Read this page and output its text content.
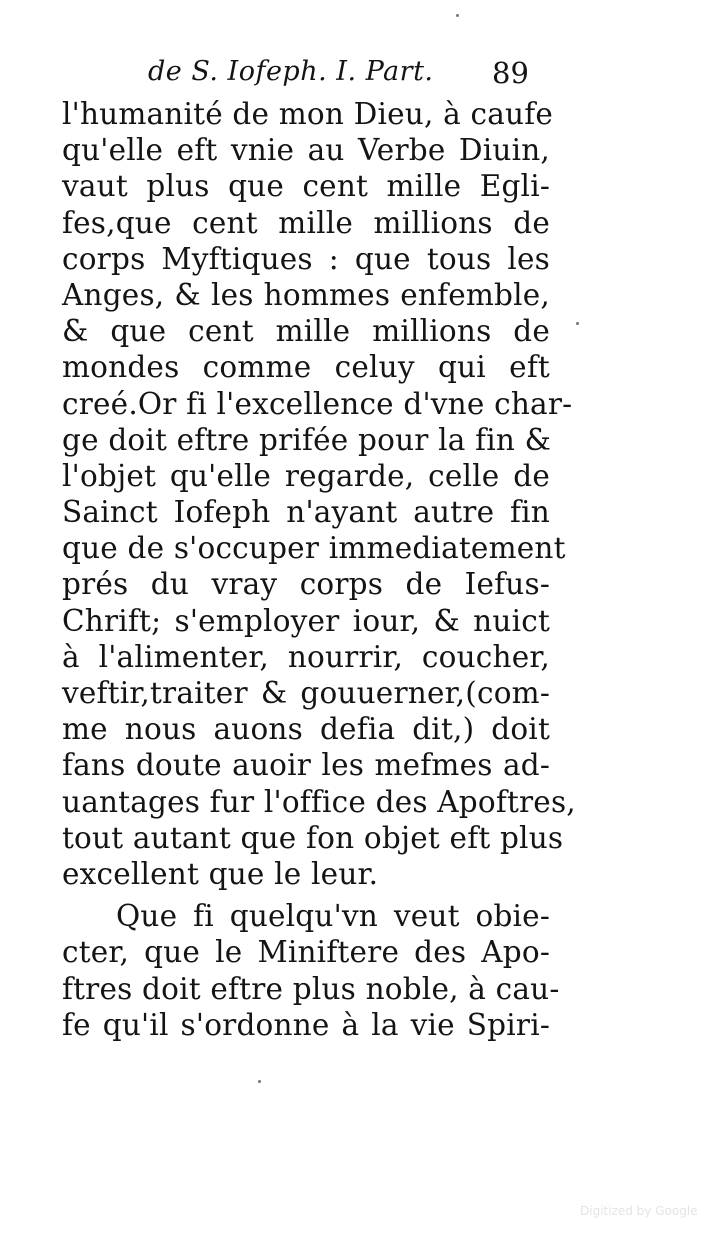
de S. Iofeph. I. Part. 89
l'humanité de mon Dieu, à caufe
qu'elle eft vnie au Verbe Diuin,
vaut plus que cent mille Egli-
fes,que cent mille millions de
corps Myftiques : que tous les
Anges, & les hommes enfemble,
& que cent mille millions de
mondes comme celuy qui eft
creé.Or fi l'excellence d'vne char-
ge doit eftre prifée pour la fin &
l'objet qu'elle regarde, celle de
Sainct Iofeph n'ayant autre fin
que de s'occuper immediatement
prés du vray corps de Iefus-
Chrift; s'employer iour, & nuict
à l'alimenter, nourrir, coucher,
veftir,traiter & gouuerner,(com-
me nous auons defia dit,) doit
fans doute auoir les mefmes ad-
uantages fur l'office des Apoftres,
tout autant que fon objet eft plus
excellent que le leur.
Que fi quelqu'vn veut obie-
cter, que le Miniftere des Apo-
ftres doit eftre plus noble, à cau-
fe qu'il s'ordonne à la vie Spiri-
Digitized by Google
